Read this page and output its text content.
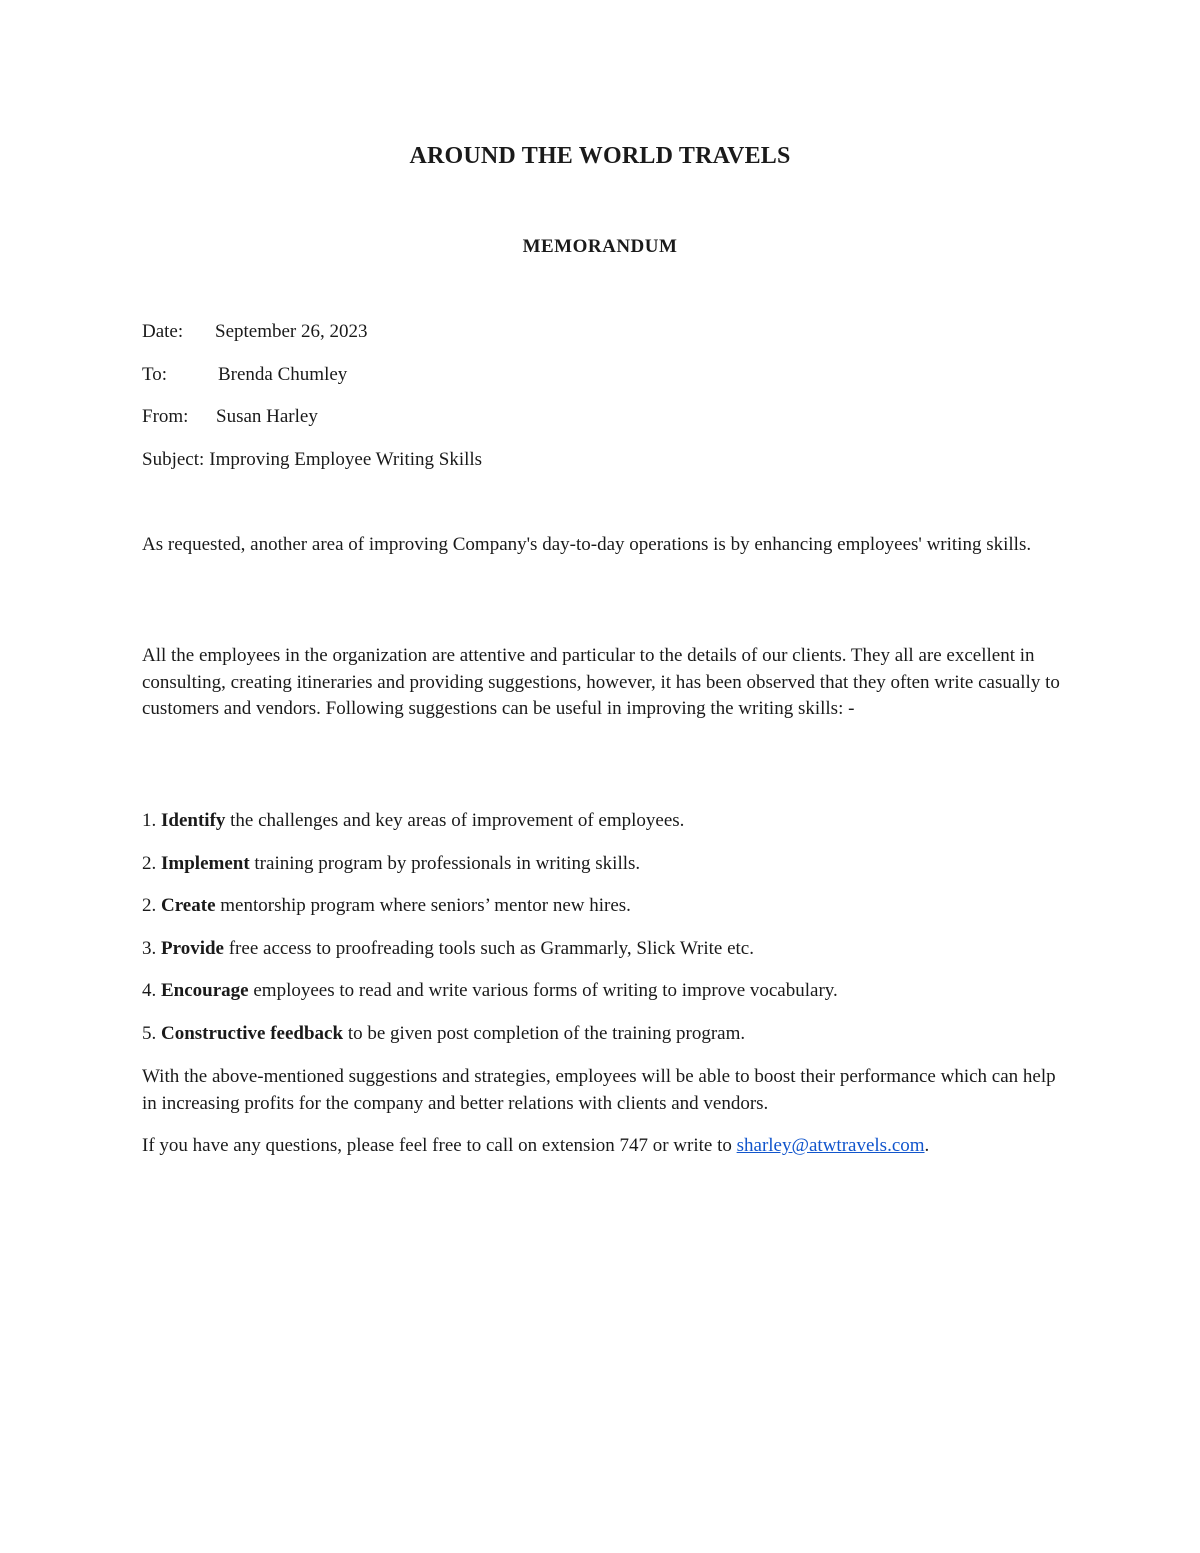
AROUND THE WORLD TRAVELS
MEMORANDUM
Date: September 26, 2023
To:	Brenda Chumley
From: Susan Harley
Subject: Improving Employee Writing Skills

As requested, another area of improving Company's day-to-day operations is by enhancing employees' writing skills.

All the employees in the organization are attentive and particular to the details of our clients. They all are excellent in consulting, creating itineraries and providing suggestions, however, it has been observed that they often write casually to customers and vendors. Following suggestions can be useful in improving the writing skills: -

1. Identify the challenges and key areas of improvement of employees.
2. Implement training program by professionals in writing skills.
2. Create mentorship program where seniors’ mentor new hires.
3. Provide free access to proofreading tools such as Grammarly, Slick Write etc.
4. Encourage employees to read and write various forms of writing to improve vocabulary.
5. Constructive feedback to be given post completion of the training program.

With the above-mentioned suggestions and strategies, employees will be able to boost their performance which can help in increasing profits for the company and better relations with clients and vendors.

If you have any questions, please feel free to call on extension 747 or write to sharley@atwtravels.com.
